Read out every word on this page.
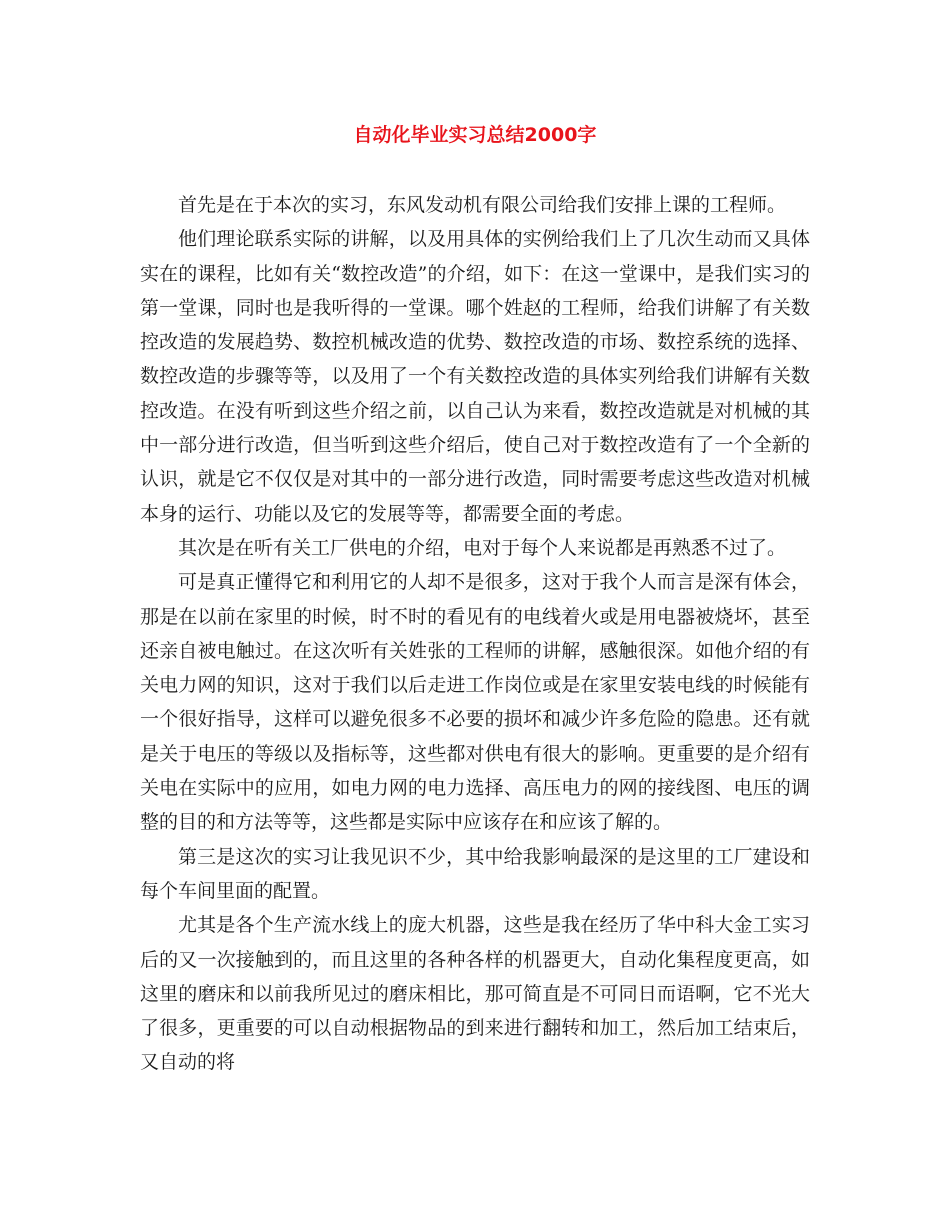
自动化毕业实习总结2000字

首先是在于本次的实习，东风发动机有限公司给我们安排上课的工程师。

他们理论联系实际的讲解，以及用具体的实例给我们上了几次生动而又具体实在的课程，比如有关“数控改造”的介绍，如下：在这一堂课中，是我们实习的第一堂课，同时也是我听得的一堂课。哪个姓赵的工程师，给我们讲解了有关数控改造的发展趋势、数控机械改造的优势、数控改造的市场、数控系统的选择、数控改造的步骤等等，以及用了一个有关数控改造的具体实列给我们讲解有关数控改造。在没有听到这些介绍之前，以自己认为来看，数控改造就是对机械的其中一部分进行改造，但当听到这些介绍后，使自己对于数控改造有了一个全新的认识，就是它不仅仅是对其中的一部分进行改造，同时需要考虑这些改造对机械本身的运行、功能以及它的发展等等，都需要全面的考虑。

其次是在听有关工厂供电的介绍，电对于每个人来说都是再熟悉不过了。

可是真正懂得它和利用它的人却不是很多，这对于我个人而言是深有体会，那是在以前在家里的时候，时不时的看见有的电线着火或是用电器被烧坏，甚至还亲自被电触过。在这次听有关姓张的工程师的讲解，感触很深。如他介绍的有关电力网的知识，这对于我们以后走进工作岗位或是在家里安装电线的时候能有一个很好指导，这样可以避免很多不必要的损坏和减少许多危险的隐患。还有就是关于电压的等级以及指标等，这些都对供电有很大的影响。更重要的是介绍有关电在实际中的应用，如电力网的电力选择、高压电力的网的接线图、电压的调整的目的和方法等等，这些都是实际中应该存在和应该了解的。

第三是这次的实习让我见识不少，其中给我影响最深的是这里的工厂建设和每个车间里面的配置。

尤其是各个生产流水线上的庞大机器，这些是我在经历了华中科大金工实习后的又一次接触到的，而且这里的各种各样的机器更大，自动化集程度更高，如这里的磨床和以前我所见过的磨床相比，那可简直是不可同日而语啊，它不光大了很多，更重要的可以自动根据物品的到来进行翻转和加工，然后加工结束后，又自动的将
